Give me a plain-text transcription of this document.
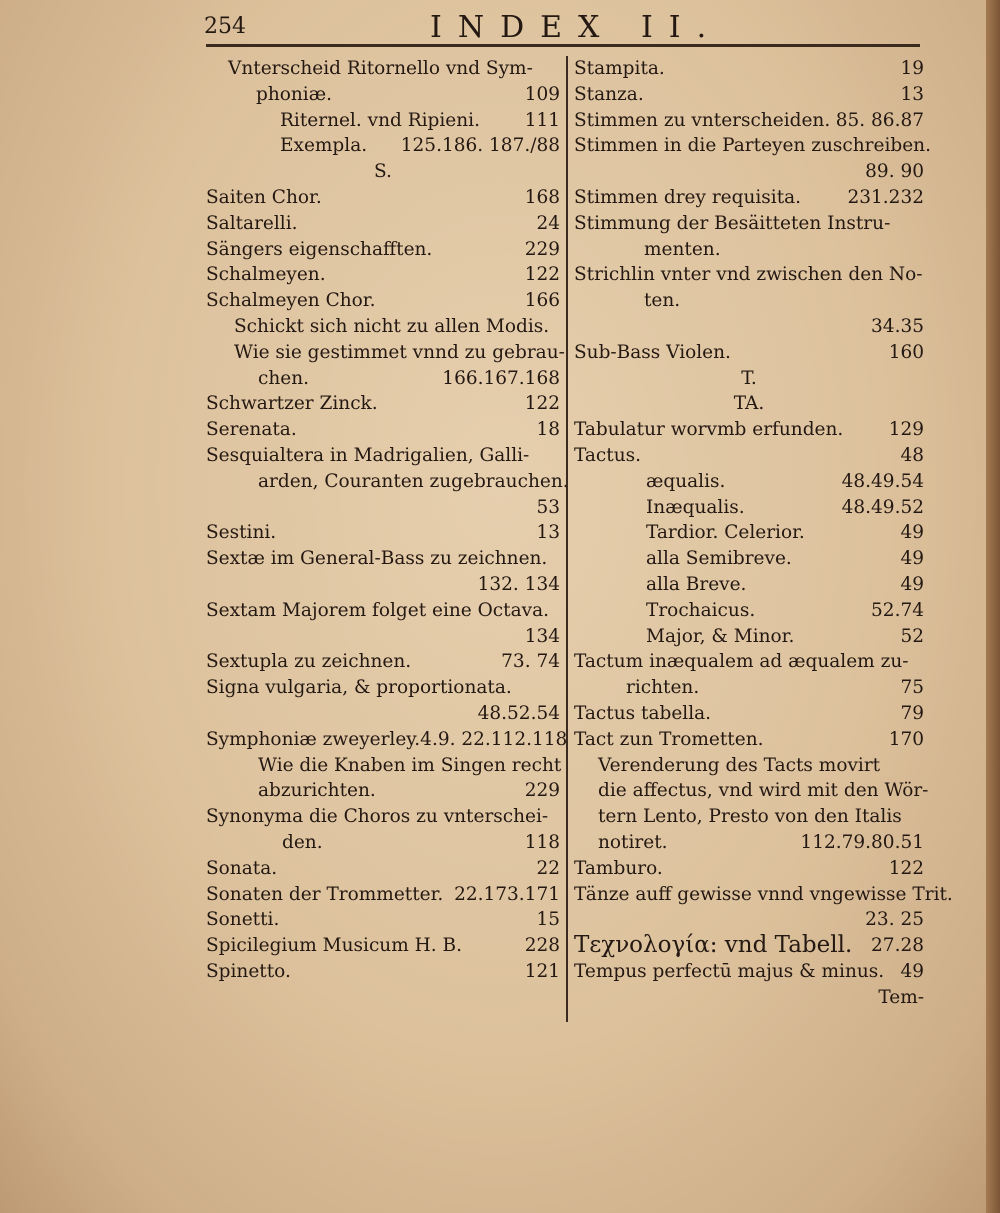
254	INDEX II.
Vnterscheid Ritornello vnd Sym-
phoniæ.	109
Riternel. vnd Ripieni. 111
Exempla. 125.186. 187./88
S.
Saiten Chor.	168
Saltarelli.	24
Sängers eigenschafften.	229
Schalmeyen.	122
Schalmeyen Chor.	166
Schickt sich nicht zu allen Modis.
Wie sie gestimmet vnnd zu gebrau-
chen.	166.167.168
Schwartzer Zinck.	122
Serenata.	18
Sesquialtera in Madrigalien, Galli-
arden, Couranten zugebrauchen.
53
Sestini.	13
Sextæ im General-Bass zu zeichnen.
132. 134
Sextam Majorem folget eine Octava.
134
Sextupla zu zeichnen.	73. 74
Signa vulgaria, & proportionata.
48.52.54
Symphoniæ zweyerley.4.9. 22.112.118
Wie die Knaben im Singen recht
abzurichten.	229
Synonyma die Choros zu vnterschei-
den.	118
Sonata.	22
Sonaten der Trommetter. 22.173.171
Sonetti.	15
Spicilegium Musicum H. B.	228
Spinetto.	121
Stampita.	19
Stanza.	13
Stimmen zu vnterscheiden. 85. 86.87
Stimmen in die Parteyen zuschreiben.
89. 90
Stimmen drey requisita.	231.232
Stimmung der Besäitteten Instru-
menten.
Strichlin vnter vnd zwischen den No-
ten.
34.35
Sub-Bass Violen.	160
T.
TA.
Tabulatur worvmb erfunden. 129
Tactus.	48
æqualis.	48.49.54
Inæqualis.	48.49.52
Tardior. Celerior.	49
alla Semibreve.	49
alla Breve.	49
Trochaicus.	52.74
Major, & Minor.	52
Tactum inæqualem ad æqualem zu-
richten.	75
Tactus tabella.	79
Tact zun Trometten.	170
Verenderung des Tacts movirt
die affectus, vnd wird mit den Wör-
tern Lento, Presto von den Italis
notiret.	112.79.80.51
Tamburo.	122
Tänze auff gewisse vnnd vngewisse Trit.
23. 25
Τεχνολογία: vnd Tabell. 27.28
Tempus perfectū majus & minus. 49
Tem-
